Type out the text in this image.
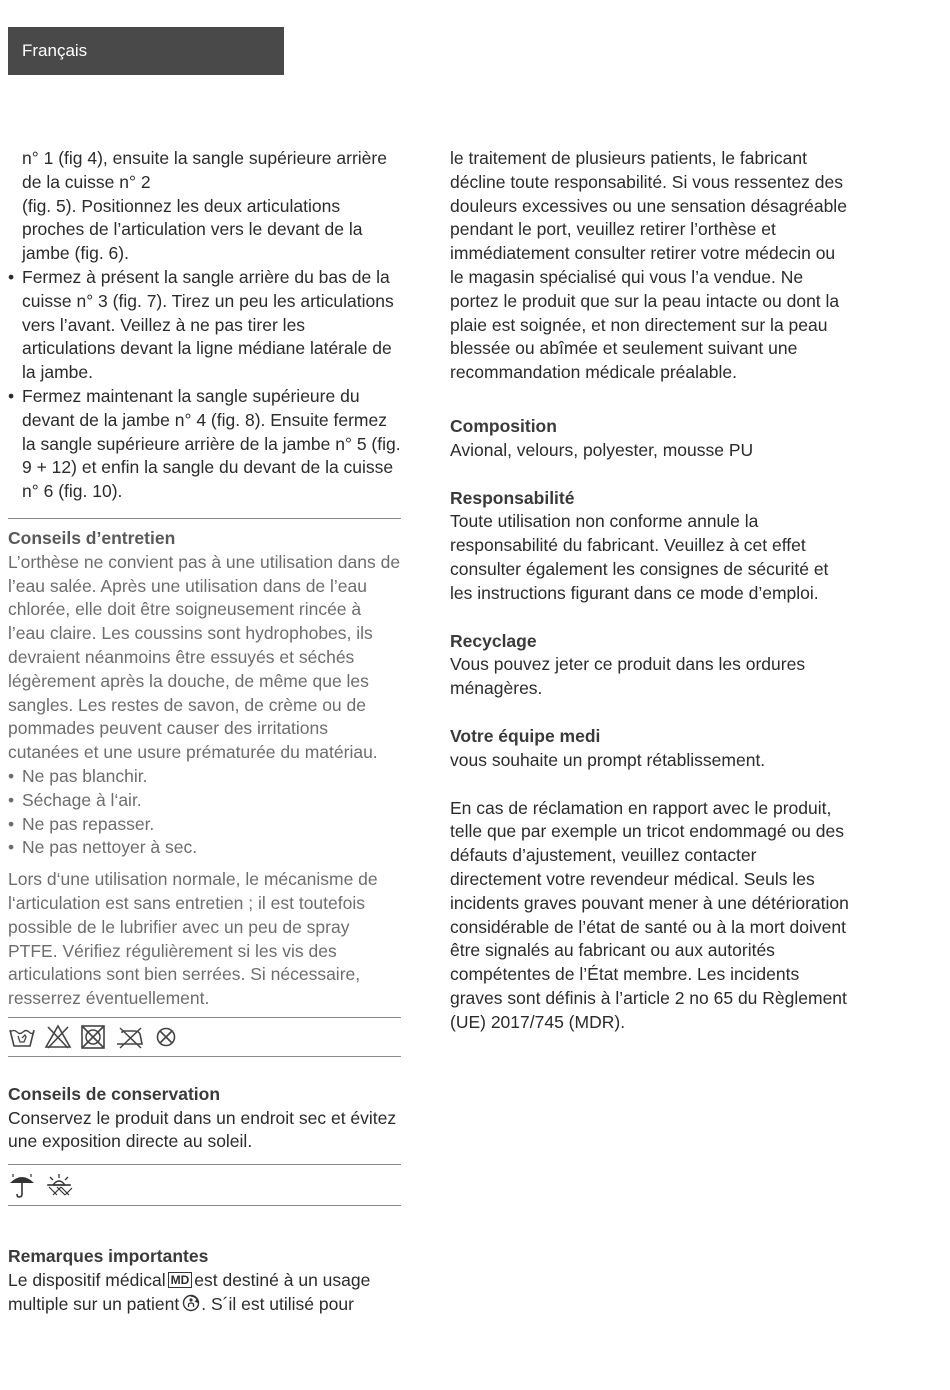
Français

n° 1 (fig 4), ensuite la sangle supérieure arrière de la cuisse n° 2

(fig. 5). Positionnez les deux articulations proches de l’articulation vers le devant de la jambe (fig. 6).

• Fermez à présent la sangle arrière du bas de la cuisse n° 3 (fig. 7). Tirez un peu les articulations vers l’avant. Veillez à ne pas tirer les articulations devant la ligne médiane latérale de la jambe.
• Fermez maintenant la sangle supérieure du devant de la jambe n° 4 (fig. 8). Ensuite fermez la sangle supérieure arrière de la jambe n° 5 (fig. 9 + 12) et enfin la sangle du devant de la cuisse n° 6 (fig. 10).

Conseils d’entretien

L’orthèse ne convient pas à une utilisation dans de l’eau salée. Après une utilisation dans de l’eau chlorée, elle doit être soigneusement rincée à l’eau claire. Les coussins sont hydrophobes, ils devraient néanmoins être essuyés et séchés légèrement après la douche, de même que les sangles. Les restes de savon, de crème ou de pommades peuvent causer des irritations cutanées et une usure prématurée du matériau.

• Ne pas blanchir.
• Séchage à l‘air.
• Ne pas repasser.
• Ne pas nettoyer à sec.

Lors d‘une utilisation normale, le mécanisme de l‘articulation est sans entretien ; il est toutefois possible de le lubrifier avec un peu de spray PTFE. Vérifiez régulièrement si les vis des articulations sont bien serrées. Si nécessaire, resserrez éventuellement.

Conseils de conservation

Conservez le produit dans un endroit sec et évitez une exposition directe au soleil.

Remarques importantes

Le dispositif médical MD est destiné à un usage multiple sur un patient . S´il est utilisé pour

le traitement de plusieurs patients, le fabricant décline toute responsabilité. Si vous ressentez des douleurs excessives ou une sensation désagréable pendant le port, veuillez retirer l’orthèse et immédiatement consulter retirer votre médecin ou le magasin spécialisé qui vous l’a vendue. Ne portez le produit que sur la peau intacte ou dont la plaie est soignée, et non directement sur la peau blessée ou abîmée et seulement suivant une recommandation médicale préalable.

Composition

Avional, velours, polyester, mousse PU

Responsabilité

Toute utilisation non conforme annule la responsabilité du fabricant. Veuillez à cet effet consulter également les consignes de sécurité et les instructions figurant dans ce mode d’emploi.

Recyclage

Vous pouvez jeter ce produit dans les ordures ménagères.

Votre équipe medi

vous souhaite un prompt rétablissement.

En cas de réclamation en rapport avec le produit, telle que par exemple un tricot endommagé ou des défauts d’ajustement, veuillez contacter directement votre revendeur médical. Seuls les incidents graves pouvant mener à une détérioration considérable de l’état de santé ou à la mort doivent être signalés au fabricant ou aux autorités compétentes de l’État membre. Les incidents graves sont définis à l’article 2 no 65 du Règlement (UE) 2017/745 (MDR).
